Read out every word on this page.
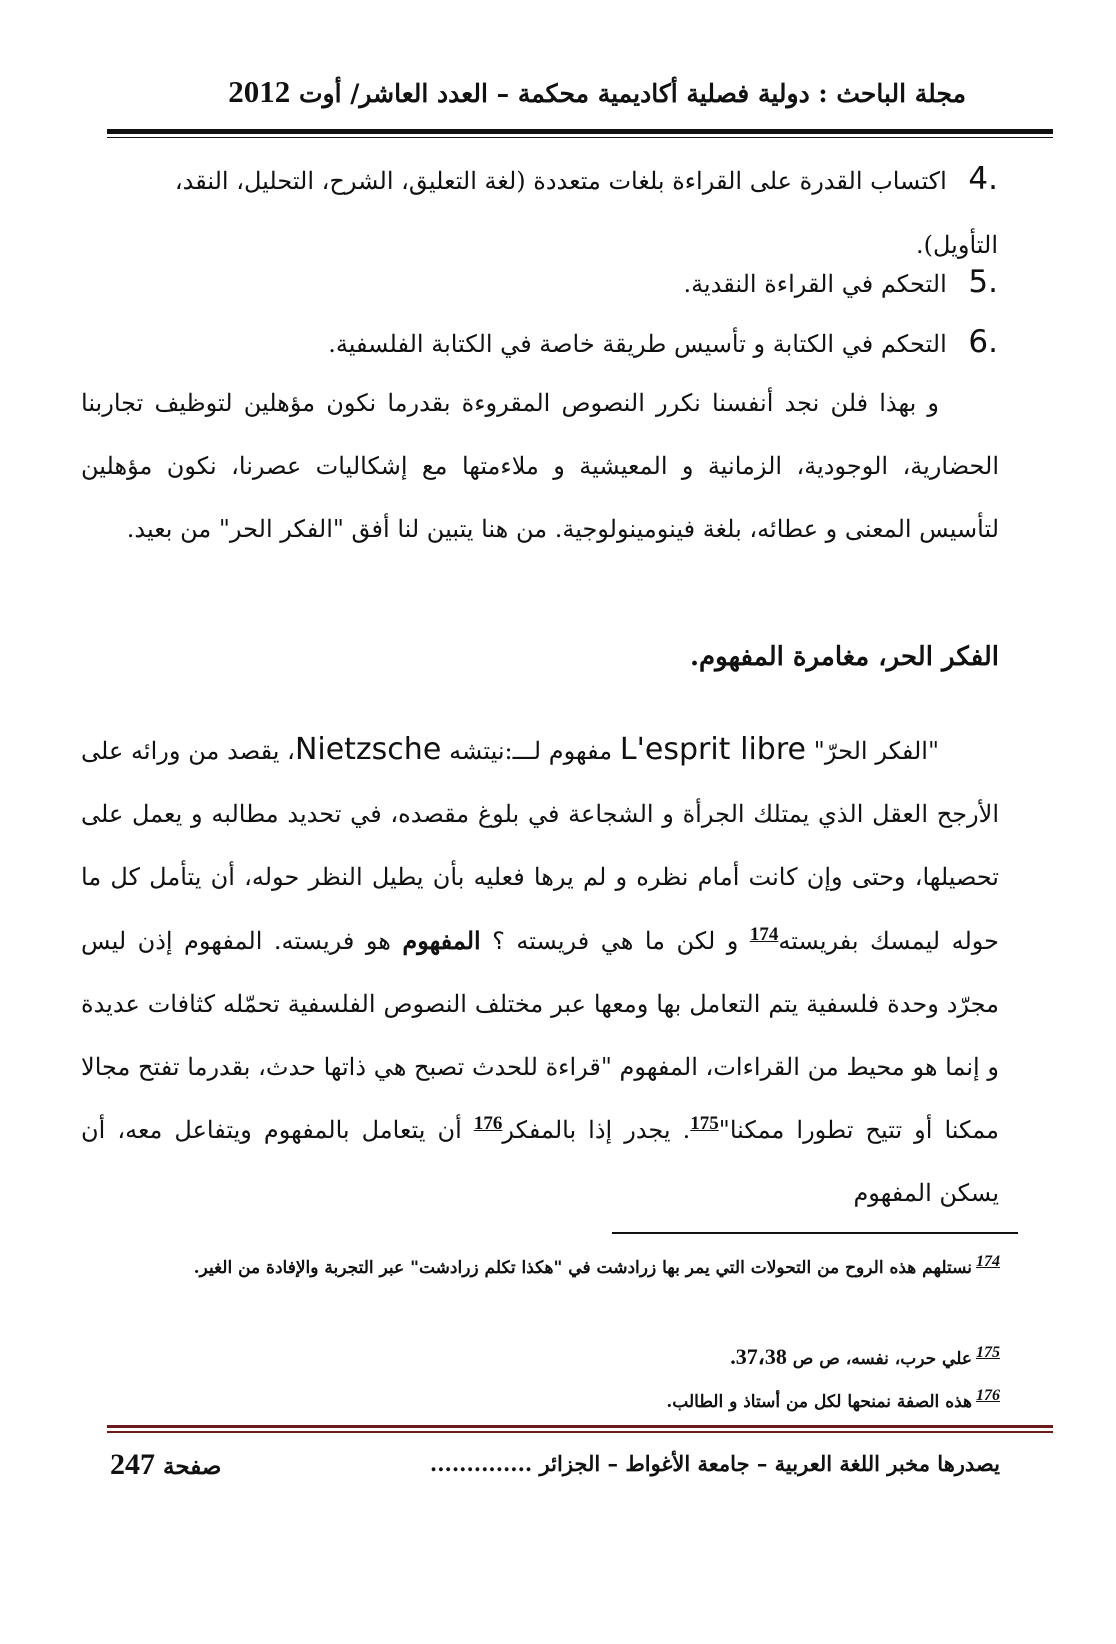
مجلة الباحث : دولية فصلية أكاديمية محكمة – العدد العاشر/ أوت 2012
4. اكتساب القدرة على القراءة بلغات متعددة (لغة التعليق، الشرح، التحليل، النقد، التأويل).
5. التحكم في القراءة النقدية.
6. التحكم في الكتابة و تأسيس طريقة خاصة في الكتابة الفلسفية.
و بهذا فلن نجد أنفسنا نكرر النصوص المقروءة بقدرما نكون مؤهلين لتوظيف تجاربنا الحضارية، الوجودية، الزمانية و المعيشية و ملاءمتها مع إشكاليات عصرنا، نكون مؤهلين لتأسيس المعنى و عطائه، بلغة فينومينولوجية. من هنا يتبين لنا أفق "الفكر الحر" من بعيد.
الفكر الحر، مغامرة المفهوم.
"الفكر الحرّ" L'esprit libre مفهوم لـــ:نيتشه Nietzsche، يقصد من ورائه على الأرجح العقل الذي يمتلك الجرأة و الشجاعة في بلوغ مقصده، في تحديد مطالبه و يعمل على تحصيلها، وحتى وإن كانت أمام نظره و لم يرها فعليه بأن يطيل النظر حوله، أن يتأمل كل ما حوله ليمسك بفريسته$^{174}$ و لكن ما هي فريسته ؟ المفهوم هو فريسته. المفهوم إذن ليس مجرّد وحدة فلسفية يتم التعامل بها ومعها عبر مختلف النصوص الفلسفية تحمّله كثافات عديدة و إنما هو محيط من القراءات، المفهوم "قراءة للحدث تصبح هي ذاتها حدث، بقدرما تفتح مجالا ممكنا أو تتيح تطورا ممكنا"$^{175}$. يجدر إذا بالمفكر$^{176}$ أن يتعامل بالمفهوم ويتفاعل معه، أن يسكن المفهوم
174نستلهم هذه الروح من التحولات التي يمر بها زرادشت في "هكذا تكلم زرادشت" عبر التجربة والإفادة من الغير.
175علي حرب، نفسه، ص ص 37،38.
176هذه الصفة نمنحها لكل من أستاذ و الطالب.
يصدرها مخبر اللغة العربية – جامعة الأغواط – الجزائر ..............
صفحة 247
